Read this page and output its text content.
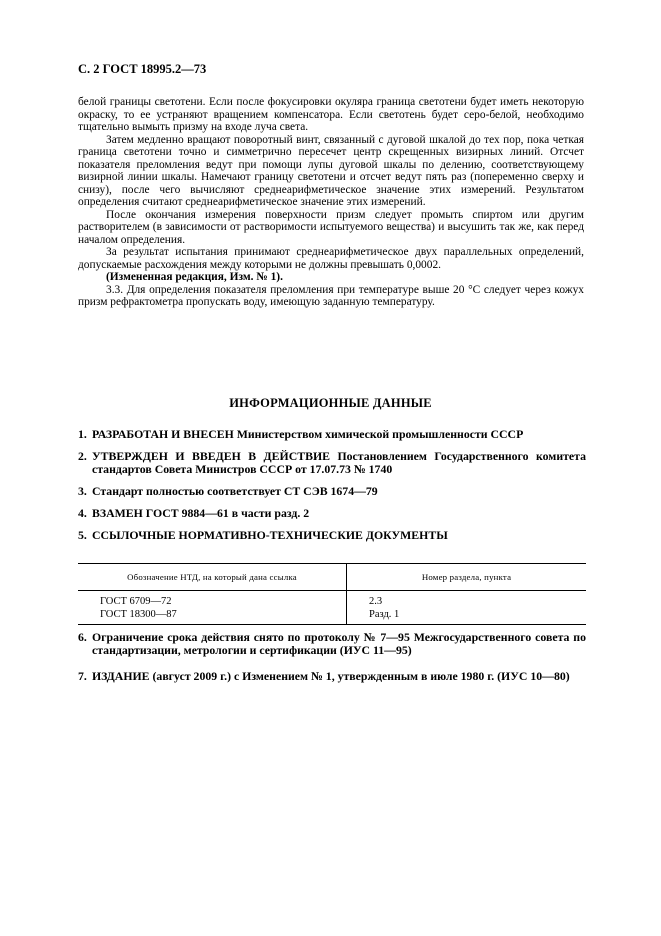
С. 2 ГОСТ 18995.2—73

белой границы светотени. Если после фокусировки окуляра граница светотени будет иметь некоторую окраску, то ее устраняют вращением компенсатора. Если светотень будет серо-белой, необходимо тщательно вымыть призму на входе луча света.

Затем медленно вращают поворотный винт, связанный с дуговой шкалой до тех пор, пока четкая граница светотени точно и симметрично пересечет центр скрещенных визирных линий. Отсчет показателя преломления ведут при помощи лупы дуговой шкалы по делению, соответствующему визирной линии шкалы. Намечают границу светотени и отсчет ведут пять раз (попеременно сверху и снизу), после чего вычисляют среднеарифметическое значение этих измерений. Результатом определения считают среднеарифметическое значение этих измерений.

После окончания измерения поверхности призм следует промыть спиртом или другим растворителем (в зависимости от растворимости испытуемого вещества) и высушить так же, как перед началом определения.

За результат испытания принимают среднеарифметическое двух параллельных определений, допускаемые расхождения между которыми не должны превышать 0,0002.

(Измененная редакция, Изм. № 1).

3.3. Для определения показателя преломления при температуре выше 20 °С следует через кожух призм рефрактометра пропускать воду, имеющую заданную температуру.

ИНФОРМАЦИОННЫЕ ДАННЫЕ
1. РАЗРАБОТАН И ВНЕСЕН Министерством химической промышленности СССР
2. УТВЕРЖДЕН И ВВЕДЕН В ДЕЙСТВИЕ Постановлением Государственного комитета стандартов Совета Министров СССР от 17.07.73 № 1740
3. Стандарт полностью соответствует СТ СЭВ 1674—79
4. ВЗАМЕН ГОСТ 9884—61 в части разд. 2
5. ССЫЛОЧНЫЕ НОРМАТИВНО-ТЕХНИЧЕСКИЕ ДОКУМЕНТЫ
Обозначение НТД, на который дана ссылка	Номер раздела, пункта
ГОСТ 6709—72	2.3
ГОСТ 18300—87	Разд. 1
6. Ограничение срока действия снято по протоколу № 7—95 Межгосударственного совета по стандартизации, метрологии и сертификации (ИУС 11—95)
7. ИЗДАНИЕ (август 2009 г.) с Изменением № 1, утвержденным в июле 1980 г. (ИУС 10—80)
